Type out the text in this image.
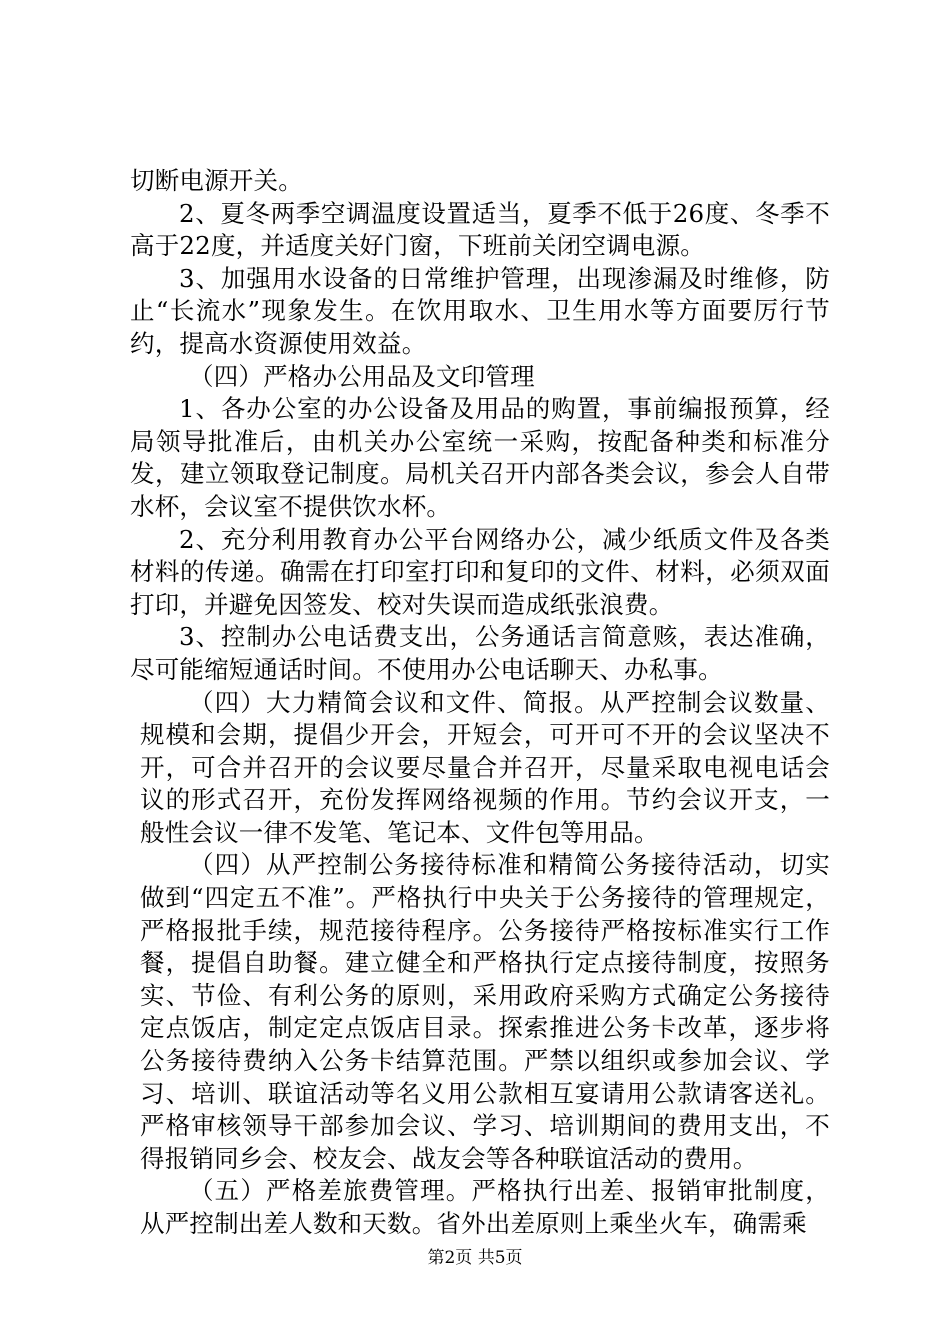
切断电源开关。

2、夏冬两季空调温度设置适当，夏季不低于26度、冬季不高于22度，并适度关好门窗，下班前关闭空调电源。

3、加强用水设备的日常维护管理，出现渗漏及时维修，防止“长流水”现象发生。在饮用取水、卫生用水等方面要厉行节约，提高水资源使用效益。

（四）严格办公用品及文印管理

1、各办公室的办公设备及用品的购置，事前编报预算，经局领导批准后，由机关办公室统一采购，按配备种类和标准分发，建立领取登记制度。局机关召开内部各类会议，参会人自带水杯，会议室不提供饮水杯。

2、充分利用教育办公平台网络办公，减少纸质文件及各类材料的传递。确需在打印室打印和复印的文件、材料，必须双面打印，并避免因签发、校对失误而造成纸张浪费。

3、控制办公电话费支出，公务通话言简意赅，表达准确，尽可能缩短通话时间。不使用办公电话聊天、办私事。

（四）大力精简会议和文件、简报。从严控制会议数量、规模和会期，提倡少开会，开短会，可开可不开的会议坚决不开，可合并召开的会议要尽量合并召开，尽量采取电视电话会议的形式召开，充份发挥网络视频的作用。节约会议开支，一般性会议一律不发笔、笔记本、文件包等用品。

（四）从严控制公务接待标准和精简公务接待活动，切实做到“四定五不准”。严格执行中央关于公务接待的管理规定，严格报批手续，规范接待程序。公务接待严格按标准实行工作餐，提倡自助餐。建立健全和严格执行定点接待制度，按照务实、节俭、有利公务的原则，采用政府采购方式确定公务接待定点饭店，制定定点饭店目录。探索推进公务卡改革，逐步将公务接待费纳入公务卡结算范围。严禁以组织或参加会议、学习、培训、联谊活动等名义用公款相互宴请用公款请客送礼。严格审核领导干部参加会议、学习、培训期间的费用支出，不得报销同乡会、校友会、战友会等各种联谊活动的费用。

（五）严格差旅费管理。严格执行出差、报销审批制度，从严控制出差人数和天数。省外出差原则上乘坐火车，确需乘

第2页 共5页
